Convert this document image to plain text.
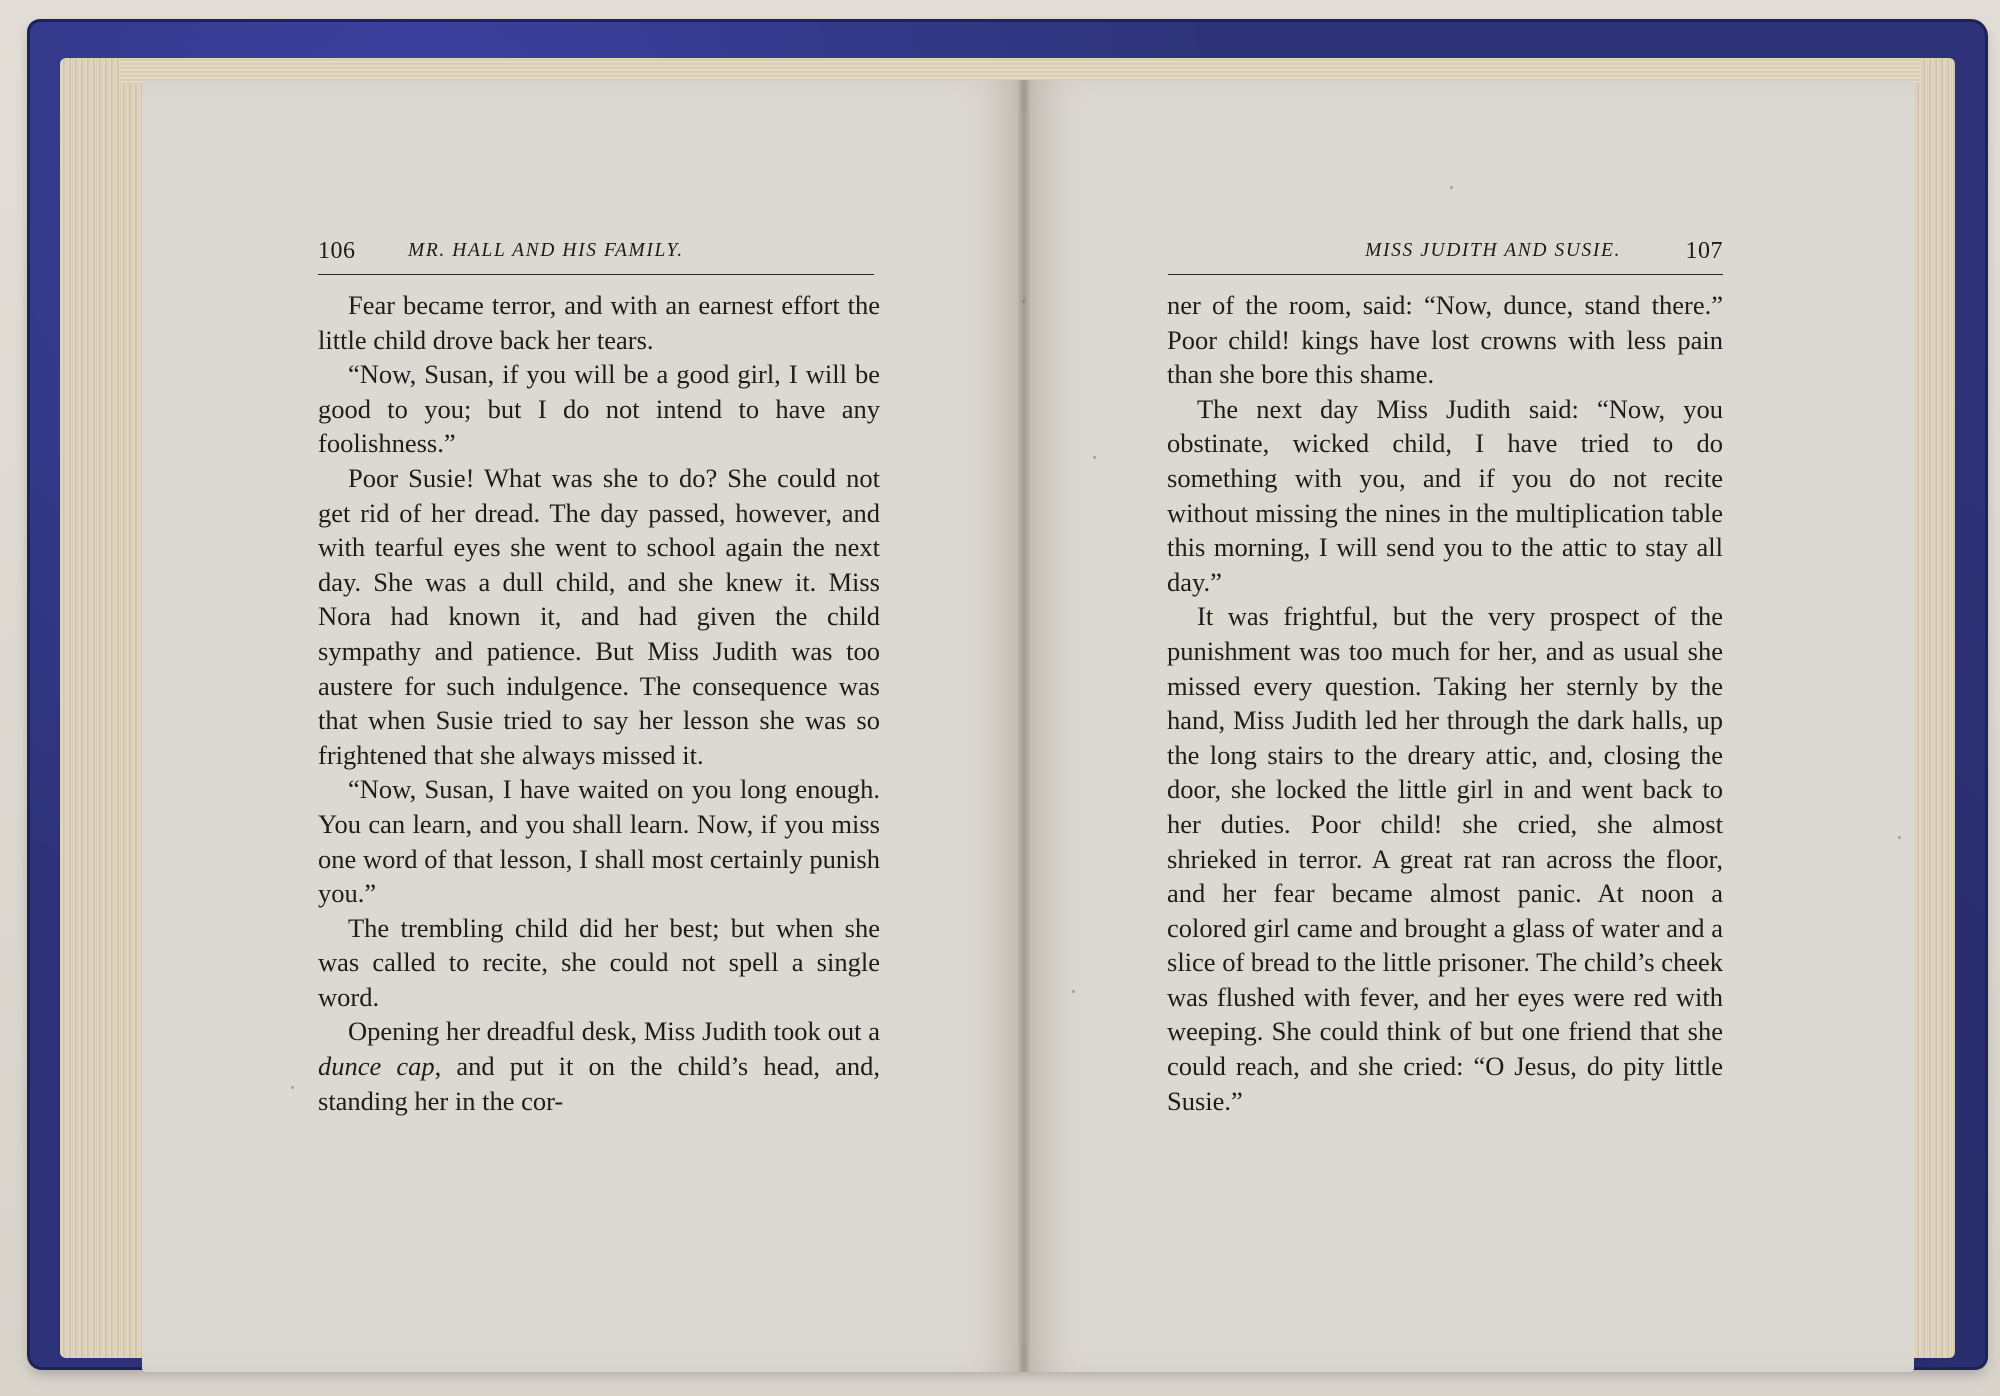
106	MR. HALL AND HIS FAMILY.	MISS JUDITH AND SUSIE.	107

Fear became terror, and with an earnest effort the little child drove back her tears.

“Now, Susan, if you will be a good girl, I will be good to you; but I do not intend to have any foolishness.”

Poor Susie! What was she to do? She could not get rid of her dread. The day passed, however, and with tearful eyes she went to school again the next day. She was a dull child, and she knew it. Miss Nora had known it, and had given the child sympathy and patience. But Miss Judith was too austere for such indulgence. The consequence was that when Susie tried to say her lesson she was so frightened that she always missed it.

“Now, Susan, I have waited on you long enough. You can learn, and you shall learn. Now, if you miss one word of that lesson, I shall most certainly punish you.”

The trembling child did her best; but when she was called to recite, she could not spell a single word.

Opening her dreadful desk, Miss Judith took out a dunce cap, and put it on the child’s head, and, standing her in the cor-

ner of the room, said: “Now, dunce, stand there.” Poor child! kings have lost crowns with less pain than she bore this shame.

The next day Miss Judith said: “Now, you obstinate, wicked child, I have tried to do something with you, and if you do not recite without missing the nines in the multiplication table this morning, I will send you to the attic to stay all day.”

It was frightful, but the very prospect of the punishment was too much for her, and as usual she missed every question. Taking her sternly by the hand, Miss Judith led her through the dark halls, up the long stairs to the dreary attic, and, closing the door, she locked the little girl in and went back to her duties. Poor child! she cried, she almost shrieked in terror. A great rat ran across the floor, and her fear became almost panic. At noon a colored girl came and brought a glass of water and a slice of bread to the little prisoner. The child’s cheek was flushed with fever, and her eyes were red with weeping. She could think of but one friend that she could reach, and she cried: “O Jesus, do pity little Susie.”
